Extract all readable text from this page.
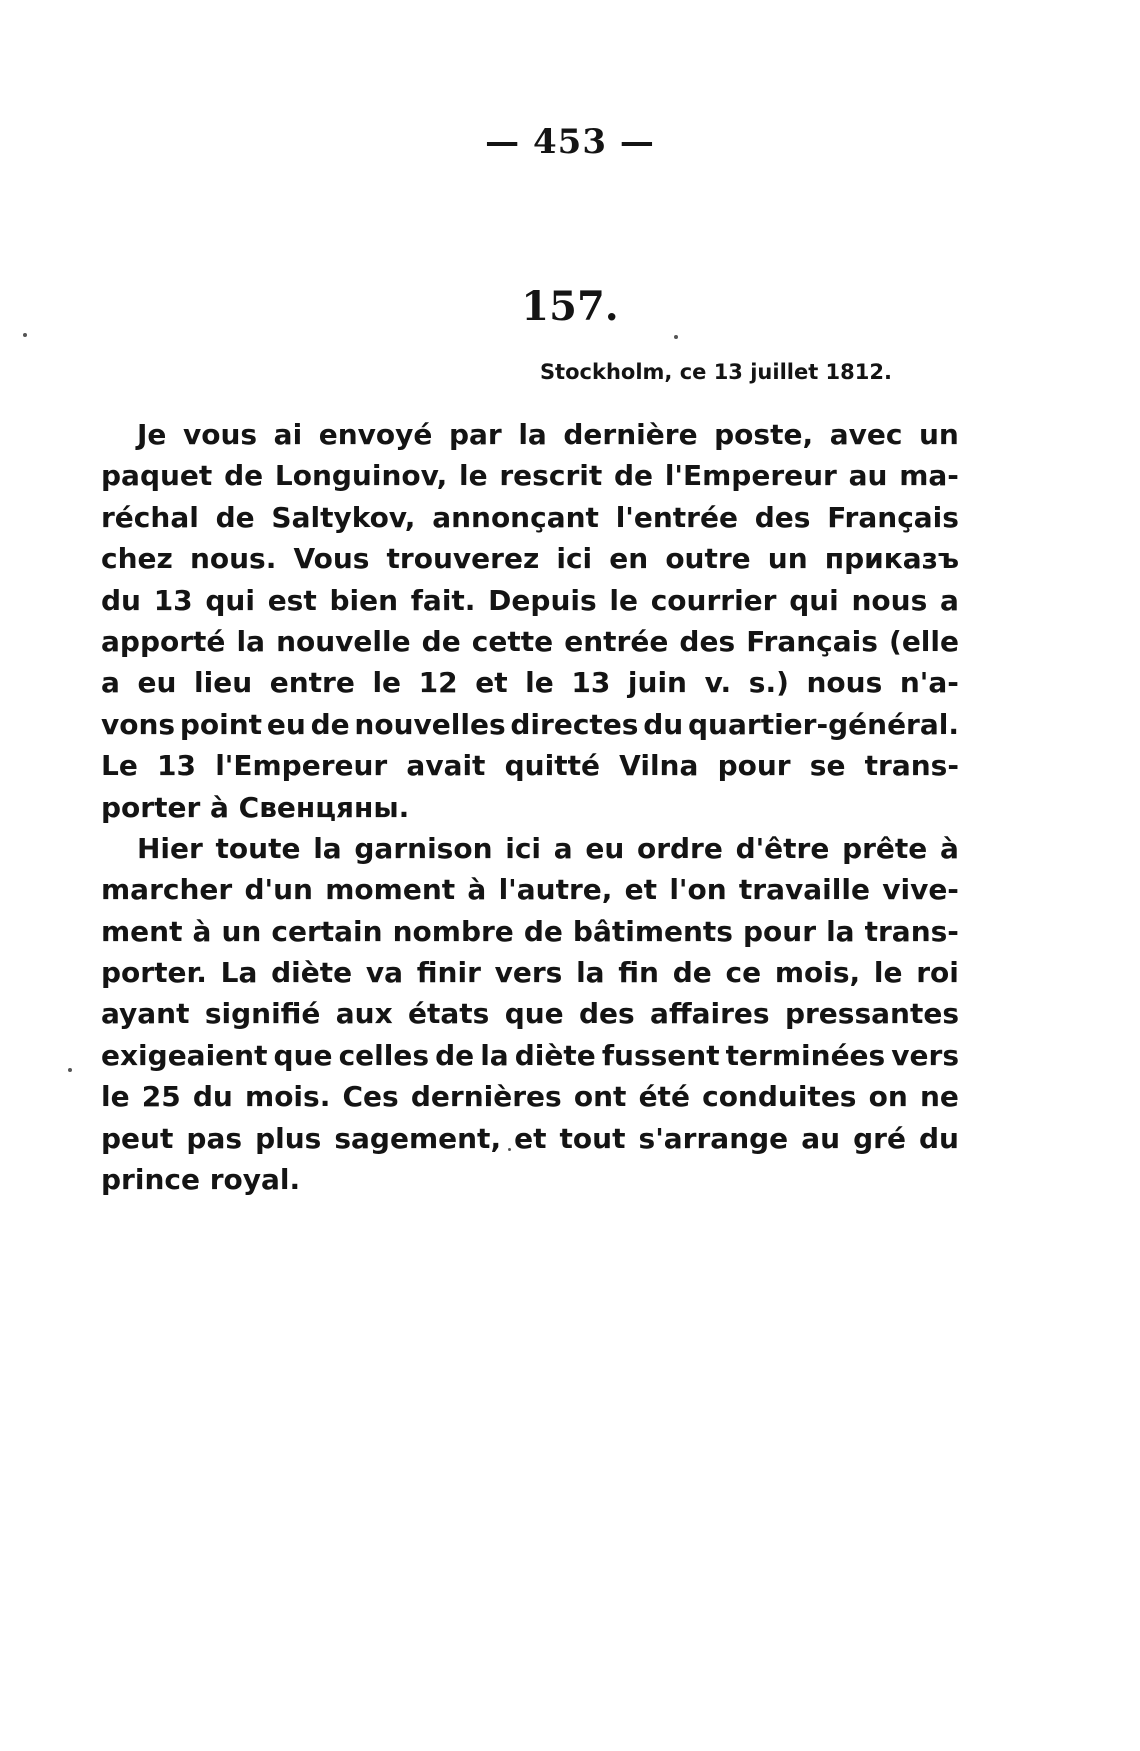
— 453 —
157.
Stockholm, ce 13 juillet 1812.
Je vous ai envoyé par la dernière poste, avec un
paquet de Longuinov, le rescrit de l'Empereur au ma-
réchal de Saltykov, annonçant l'entrée des Français
chez nous. Vous trouverez ici en outre un приказъ
du 13 qui est bien fait. Depuis le courrier qui nous a
apporté la nouvelle de cette entrée des Français (elle
a eu lieu entre le 12 et le 13 juin v. s.) nous n'a-
vons point eu de nouvelles directes du quartier-général.
Le 13 l'Empereur avait quitté Vilna pour se trans-
porter à Свенцяны.
Hier toute la garnison ici a eu ordre d'être prête à
marcher d'un moment à l'autre, et l'on travaille vive-
ment à un certain nombre de bâtiments pour la trans-
porter. La diète va finir vers la fin de ce mois, le roi
ayant signifié aux états que des affaires pressantes
exigeaient que celles de la diète fussent terminées vers
le 25 du mois. Ces dernières ont été conduites on ne
peut pas plus sagement, et tout s'arrange au gré du
prince royal.
